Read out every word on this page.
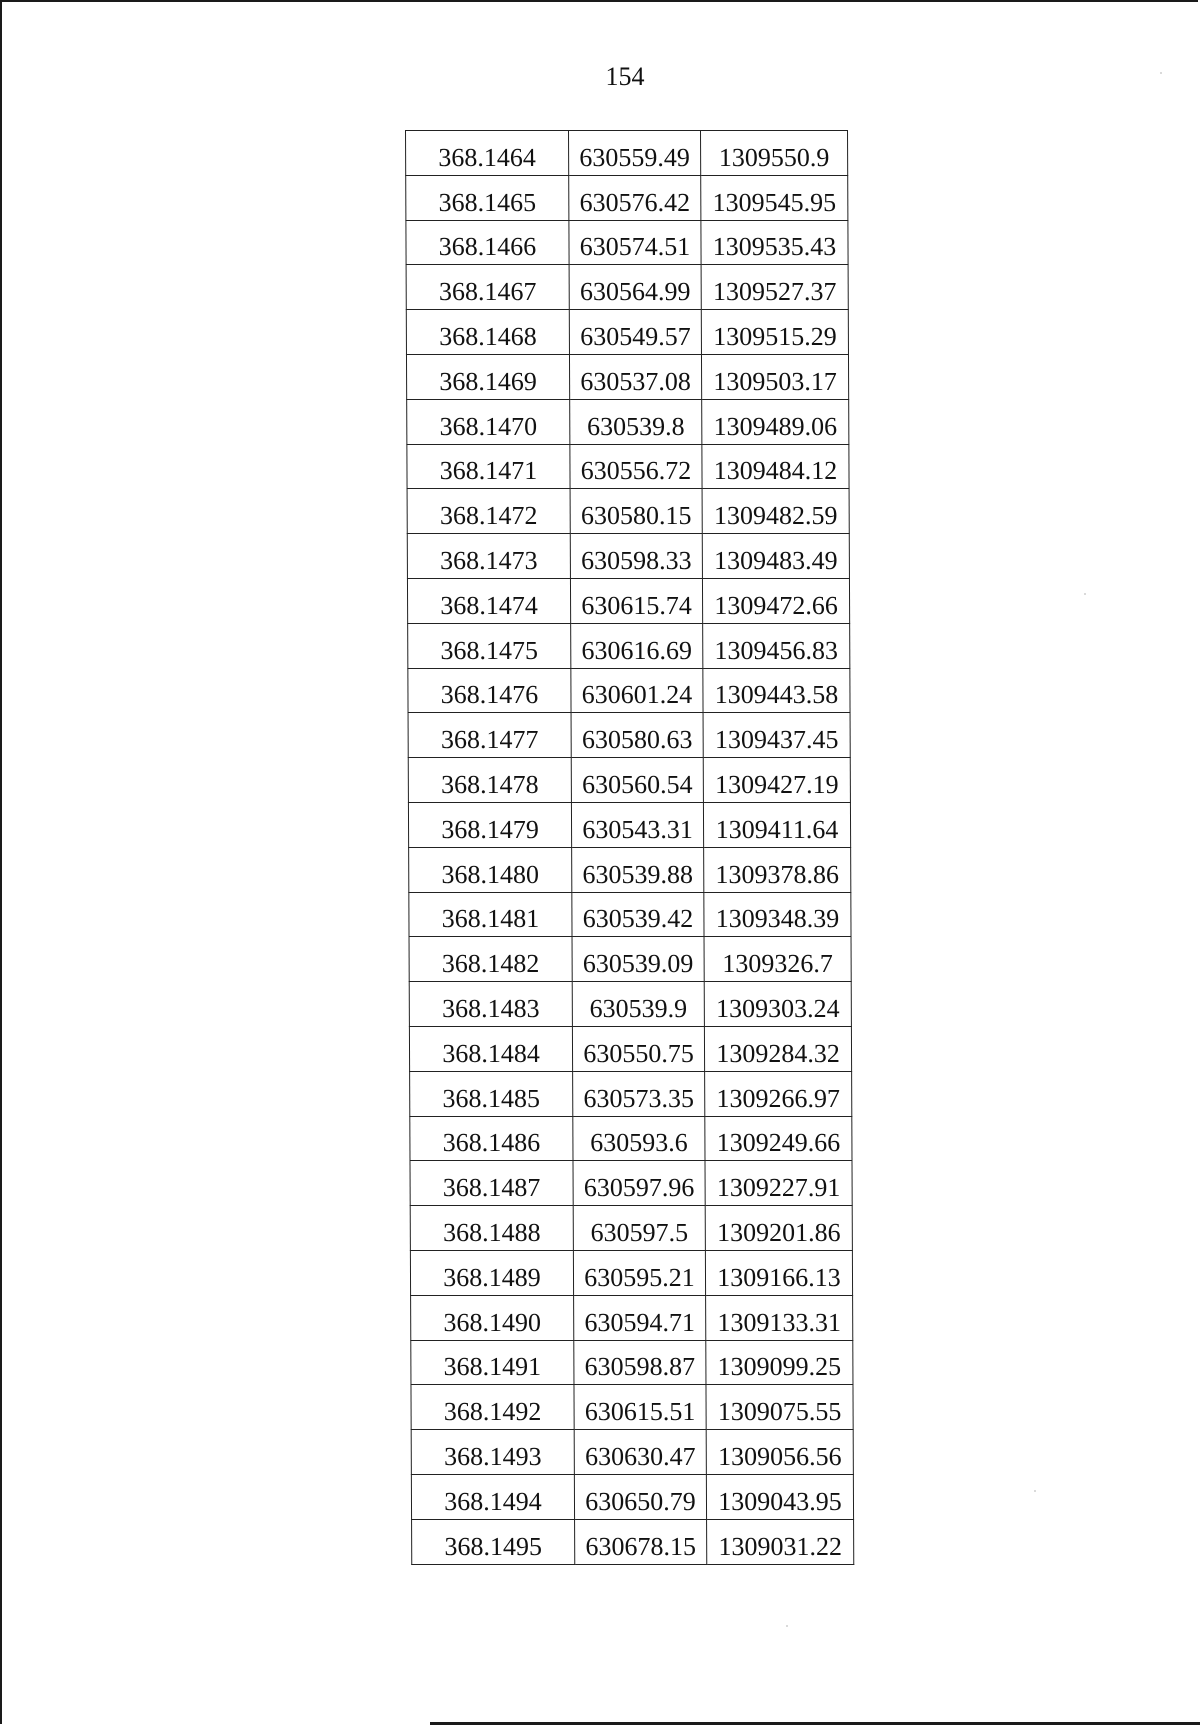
154
368.1464	630559.49	1309550.9
368.1465	630576.42	1309545.95
368.1466	630574.51	1309535.43
368.1467	630564.99	1309527.37
368.1468	630549.57	1309515.29
368.1469	630537.08	1309503.17
368.1470	630539.8	1309489.06
368.1471	630556.72	1309484.12
368.1472	630580.15	1309482.59
368.1473	630598.33	1309483.49
368.1474	630615.74	1309472.66
368.1475	630616.69	1309456.83
368.1476	630601.24	1309443.58
368.1477	630580.63	1309437.45
368.1478	630560.54	1309427.19
368.1479	630543.31	1309411.64
368.1480	630539.88	1309378.86
368.1481	630539.42	1309348.39
368.1482	630539.09	1309326.7
368.1483	630539.9	1309303.24
368.1484	630550.75	1309284.32
368.1485	630573.35	1309266.97
368.1486	630593.6	1309249.66
368.1487	630597.96	1309227.91
368.1488	630597.5	1309201.86
368.1489	630595.21	1309166.13
368.1490	630594.71	1309133.31
368.1491	630598.87	1309099.25
368.1492	630615.51	1309075.55
368.1493	630630.47	1309056.56
368.1494	630650.79	1309043.95
368.1495	630678.15	1309031.22
